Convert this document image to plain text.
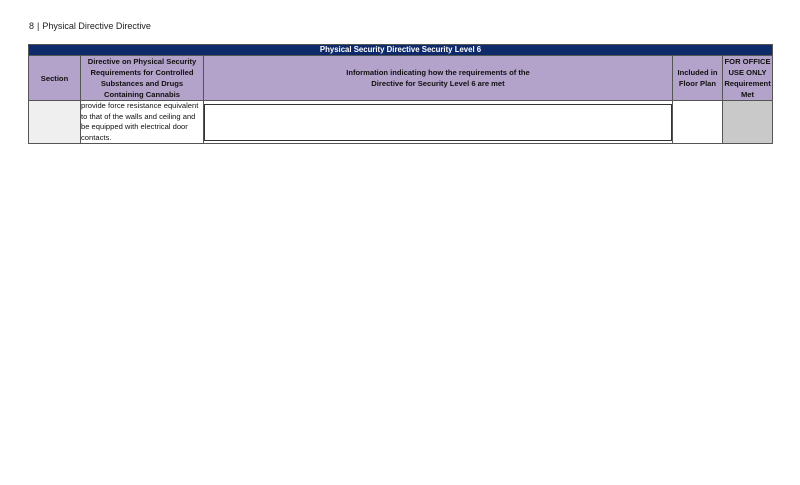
8 | Physical Directive Directive
Physical Security Directive Security Level 6				
Section	Directive on Physical Security Requirements for Controlled Substances and Drugs Containing Cannabis	Information indicating how the requirements of the Directive for Security Level 6 are met	Included in Floor Plan	FOR OFFICE USE ONLY Requirement Met
	provide force resistance equivalent to that of the walls and ceiling and be equipped with electrical door contacts.	
